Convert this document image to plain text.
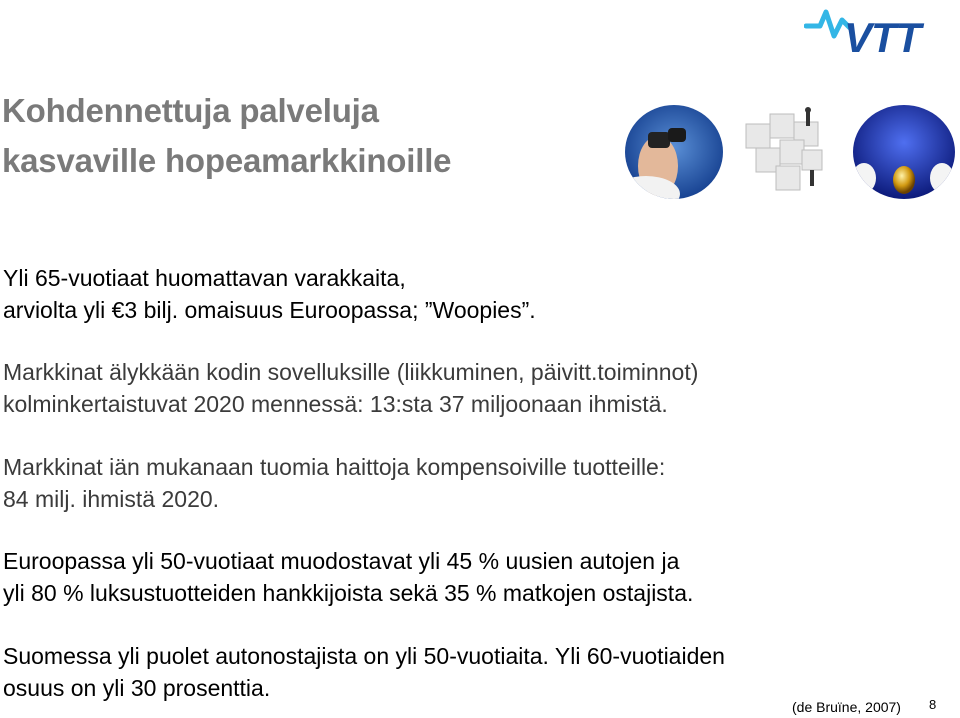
VTT
Kohdennettuja palveluja
kasvaville hopeamarkkinoille

Yli 65-vuotiaat huomattavan varakkaita,
arviolta yli €3 bilj. omaisuus Euroopassa; ”Woopies”.

Markkinat älykkään kodin sovelluksille (liikkuminen, päivitt.toiminnot)
kolminkertaistuvat 2020 mennessä: 13:sta 37 miljoonaan ihmistä.

Markkinat iän mukanaan tuomia haittoja kompensoiville tuotteille:
84 milj. ihmistä 2020.

Euroopassa yli 50-vuotiaat muodostavat yli 45 % uusien autojen ja
yli 80 % luksustuotteiden hankkijoista sekä 35 % matkojen ostajista.

Suomessa yli puolet autonostajista on yli 50-vuotiaita. Yli 60-vuotiaiden
osuus on yli 30 prosenttia.

(de Bruïne, 2007) 8
